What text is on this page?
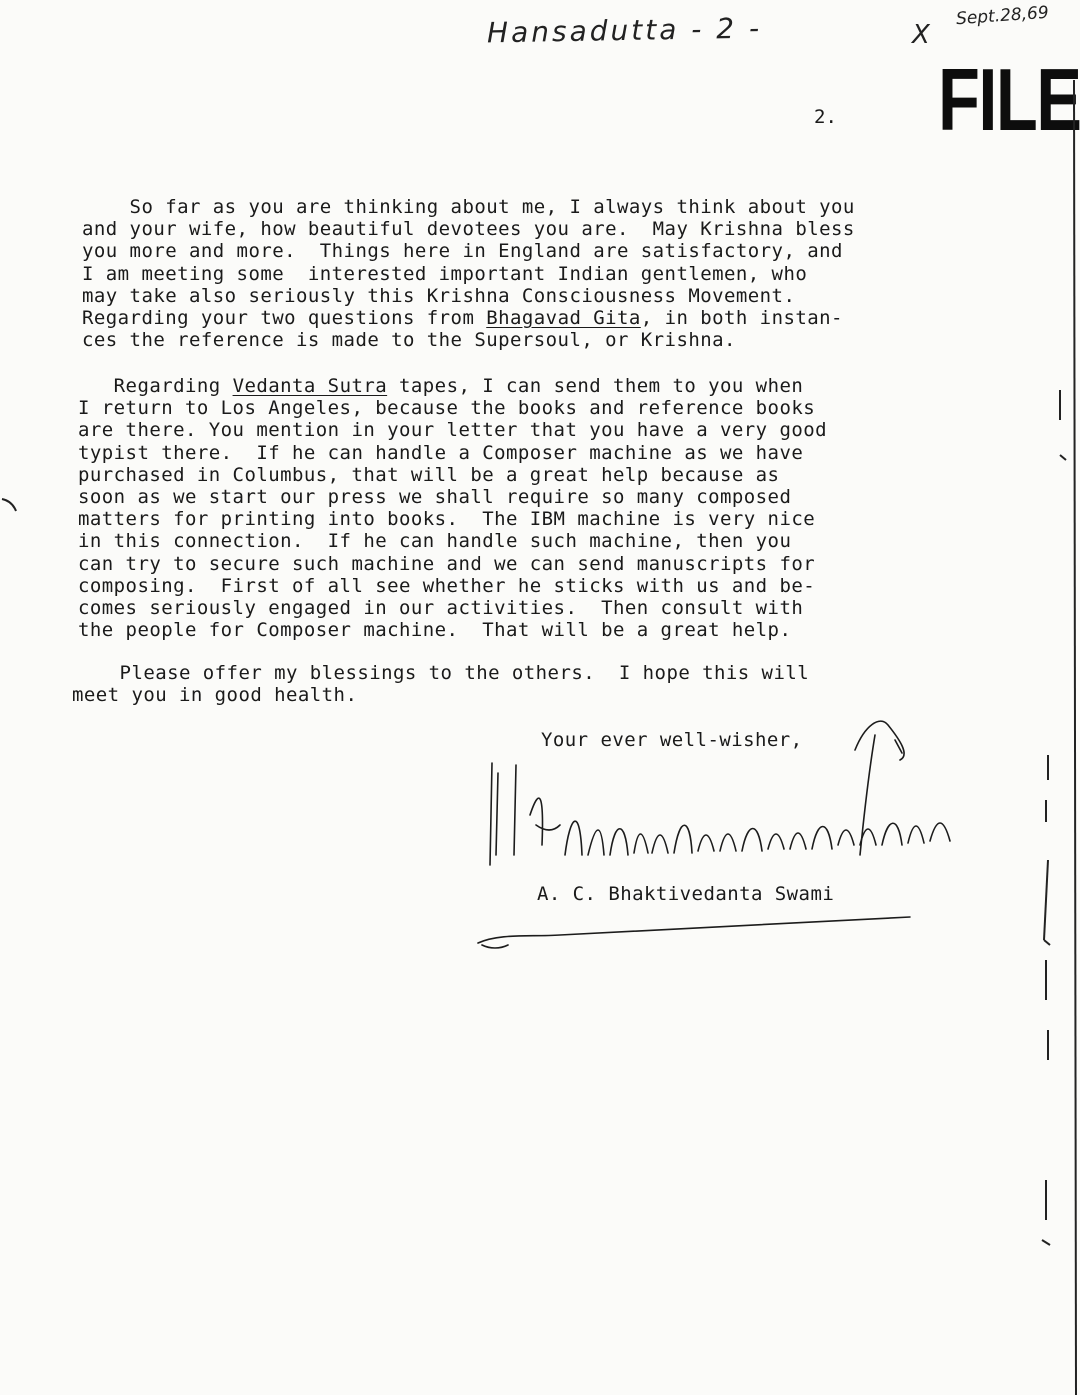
Hansadutta - 2 -	X
Sept.28,69
FILE
2.
So far as you are thinking about me, I always think about you
and your wife, how beautiful devotees you are.  May Krishna bless
you more and more.  Things here in England are satisfactory, and
I am meeting some  interested important Indian gentlemen, who
may take also seriously this Krishna Consciousness Movement.
Regarding your two questions from Bhagavad Gita, in both instan-
ces the reference is made to the Supersoul, or Krishna.
Regarding Vedanta Sutra tapes, I can send them to you when
I return to Los Angeles, because the books and reference books
are there. You mention in your letter that you have a very good
typist there.  If he can handle a Composer machine as we have
purchased in Columbus, that will be a great help because as
soon as we start our press we shall require so many composed
matters for printing into books.  The IBM machine is very nice
in this connection.  If he can handle such machine, then you
can try to secure such machine and we can send manuscripts for
composing.  First of all see whether he sticks with us and be-
comes seriously engaged in our activities.  Then consult with
the people for Composer machine.  That will be a great help.
Please offer my blessings to the others.  I hope this will
meet you in good health.
Your ever well-wisher,
A.C. Bhaktivedanta Swami
A. C. Bhaktivedanta Swami
